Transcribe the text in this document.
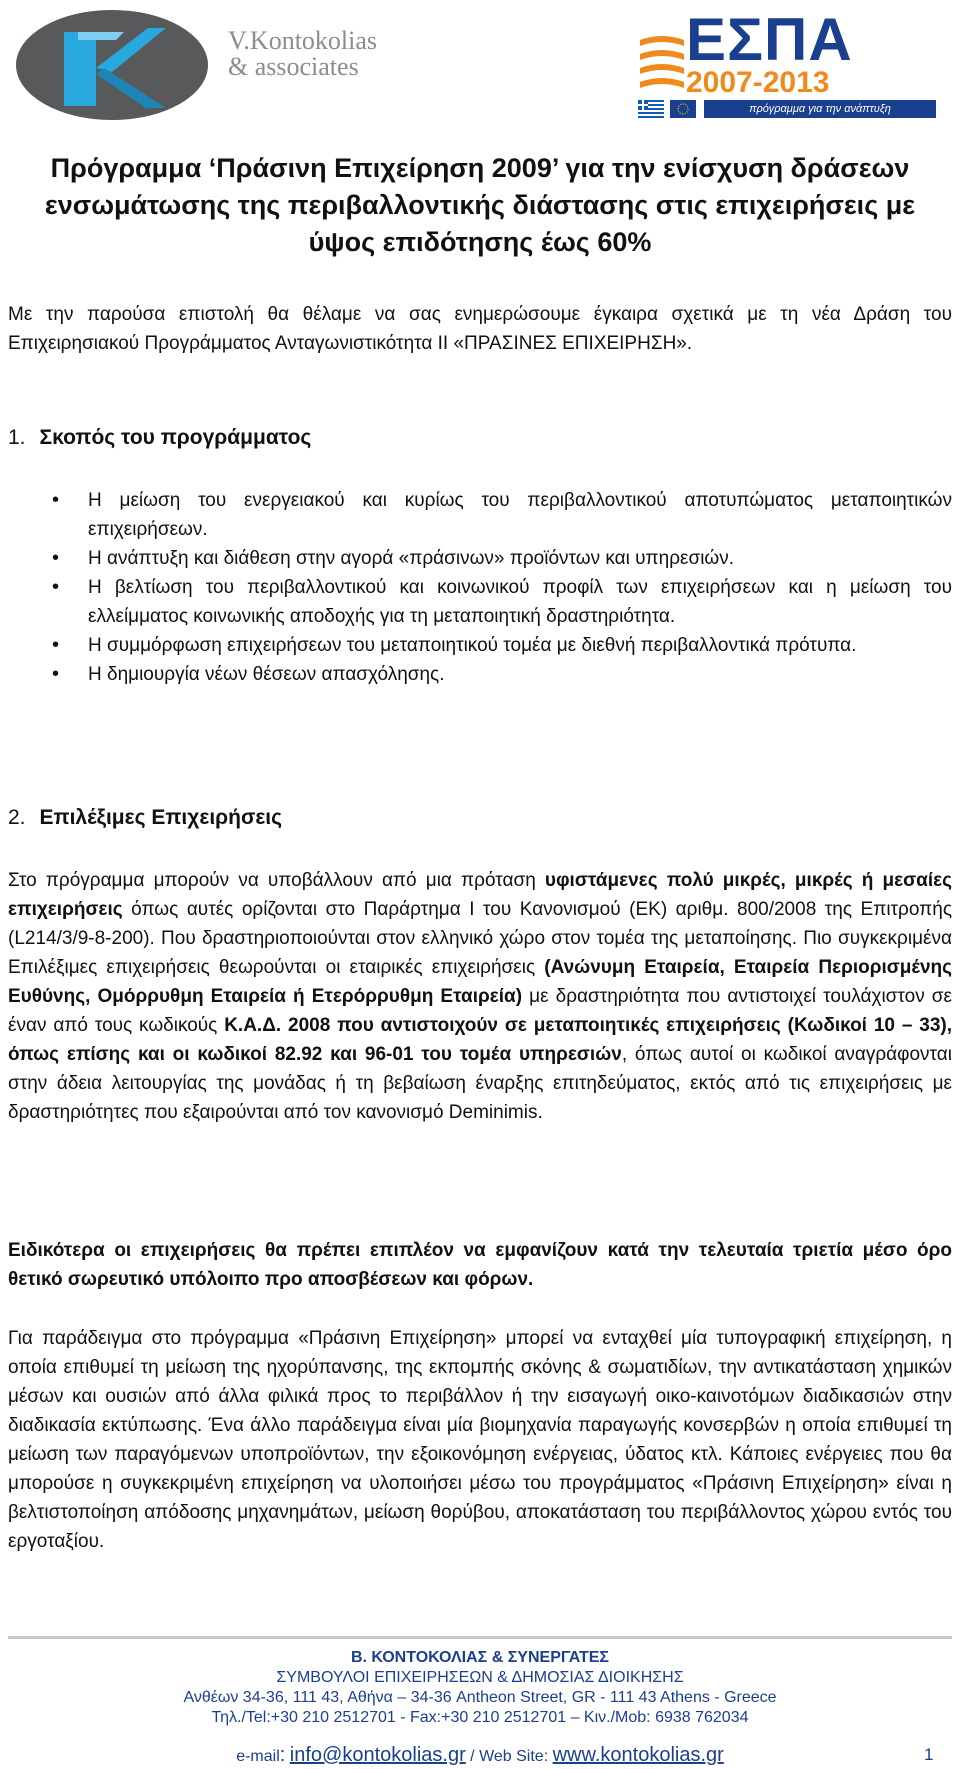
V.Kontokolias
& associates	ΕΣΠΑ
2007-2013
πρόγραμμα για την ανάπτυξη
Πρόγραμμα ‘Πράσινη Επιχείρηση 2009’ για την ενίσχυση δράσεων
ενσωμάτωσης της περιβαλλοντικής διάστασης στις επιχειρήσεις με
ύψος επιδότησης έως 60%
Με την παρούσα επιστολή θα θέλαμε να σας ενημερώσουμε έγκαιρα σχετικά με τη νέα Δράση του Επιχειρησιακού Προγράμματος Ανταγωνιστικότητα ΙΙ «ΠΡΑΣΙΝΕΣ ΕΠΙΧΕΙΡΗΣΗ».
1. Σκοπός του προγράμματος
• Η μείωση του ενεργειακού και κυρίως του περιβαλλοντικού αποτυπώματος μεταποιητικών επιχειρήσεων.
• Η ανάπτυξη και διάθεση στην αγορά «πράσινων» προϊόντων και υπηρεσιών.
• Η βελτίωση του περιβαλλοντικού και κοινωνικού προφίλ των επιχειρήσεων και η μείωση του ελλείμματος κοινωνικής αποδοχής για τη μεταποιητική δραστηριότητα.
• Η συμμόρφωση επιχειρήσεων του μεταποιητικού τομέα με διεθνή περιβαλλοντικά πρότυπα.
• Η δημιουργία νέων θέσεων απασχόλησης.
2. Επιλέξιμες Επιχειρήσεις
Στο πρόγραμμα μπορούν να υποβάλλουν από μια πρόταση υφιστάμενες πολύ μικρές, μικρές ή μεσαίες επιχειρήσεις όπως αυτές ορίζονται στο Παράρτημα Ι του Κανονισμού (ΕΚ) αριθμ. 800/2008 της Επιτροπής (L214/3/9-8-200). Που δραστηριοποιούνται στον ελληνικό χώρο στον τομέα της μεταποίησης. Πιο συγκεκριμένα Επιλέξιμες επιχειρήσεις θεωρούνται οι εταιρικές επιχειρήσεις (Ανώνυμη Εταιρεία, Εταιρεία Περιορισμένης Ευθύνης, Ομόρρυθμη Εταιρεία ή Ετερόρρυθμη Εταιρεία) με δραστηριότητα που αντιστοιχεί τουλάχιστον σε έναν από τους κωδικούς Κ.Α.Δ. 2008 που αντιστοιχούν σε μεταποιητικές επιχειρήσεις (Κωδικοί 10 – 33), όπως επίσης και οι κωδικοί 82.92 και 96-01 του τομέα υπηρεσιών, όπως αυτοί οι κωδικοί αναγράφονται στην άδεια λειτουργίας της μονάδας ή τη βεβαίωση έναρξης επιτηδεύματος, εκτός από τις επιχειρήσεις με δραστηριότητες που εξαιρούνται από τον κανονισμό Deminimis.
Ειδικότερα οι επιχειρήσεις θα πρέπει επιπλέον να εμφανίζουν κατά την τελευταία τριετία μέσο όρο θετικό σωρευτικό υπόλοιπο προ αποσβέσεων και φόρων.
Για παράδειγμα στο πρόγραμμα «Πράσινη Επιχείρηση» μπορεί να ενταχθεί μία τυπογραφική επιχείρηση, η οποία επιθυμεί τη μείωση της ηχορύπανσης, της εκπομπής σκόνης & σωματιδίων, την αντικατάσταση χημικών μέσων και ουσιών από άλλα φιλικά προς το περιβάλλον ή την εισαγωγή οικο-καινοτόμων διαδικασιών στην διαδικασία εκτύπωσης. Ένα άλλο παράδειγμα είναι μία βιομηχανία παραγωγής κονσερβών η οποία επιθυμεί τη μείωση των παραγόμενων υποπροϊόντων, την εξοικονόμηση ενέργειας, ύδατος κτλ. Κάποιες ενέργειες που θα μπορούσε η συγκεκριμένη επιχείρηση να υλοποιήσει μέσω του προγράμματος «Πράσινη Επιχείρηση» είναι η βελτιστοποίηση απόδοσης μηχανημάτων, μείωση θορύβου, αποκατάσταση του περιβάλλοντος χώρου εντός του εργοταξίου.
Β. ΚΟΝΤΟΚΟΛΙΑΣ & ΣΥΝΕΡΓΑΤΕΣ
ΣΥΜΒΟΥΛΟΙ ΕΠΙΧΕΙΡΗΣΕΩΝ & ΔΗΜΟΣΙΑΣ ΔΙΟΙΚΗΣΗΣ
Ανθέων 34-36, 111 43, Αθήνα – 34-36 Antheon Street, GR - 111 43 Athens - Greece
Τηλ./Tel:+30 210 2512701 - Fax:+30 210 2512701 – Κιν./Mob: 6938 762034
e-mail: info@kontokolias.gr / Web Site: www.kontokolias.gr	1
